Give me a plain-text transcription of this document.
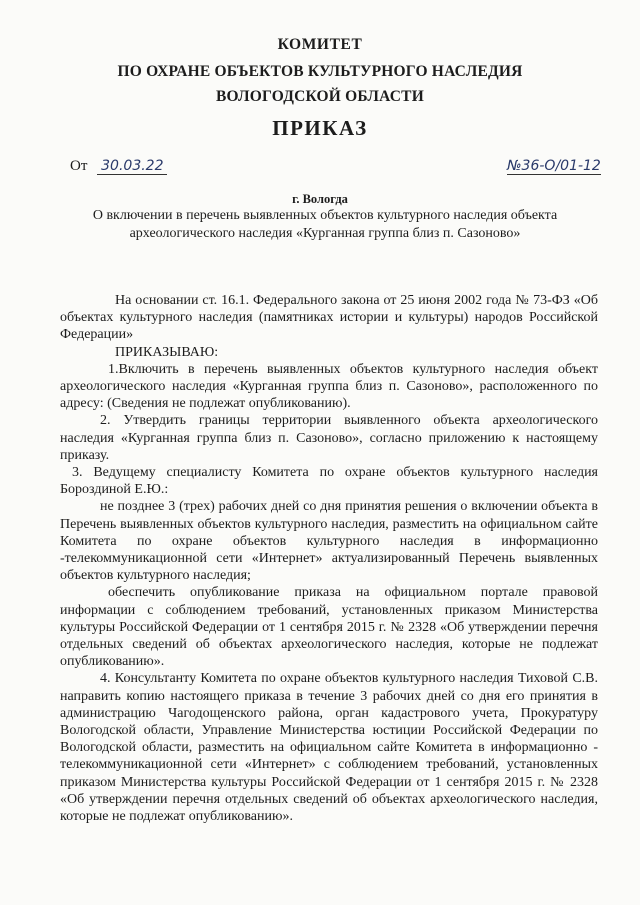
КОМИТЕТ
ПО ОХРАНЕ ОБЪЕКТОВ КУЛЬТУРНОГО НАСЛЕДИЯ
ВОЛОГОДСКОЙ ОБЛАСТИ
ПРИКАЗ
От 30.03.22	№36-О/01-12
г. Вологда
О включении в перечень выявленных объектов культурного наследия объекта археологического наследия «Курганная группа близ п. Сазоново»

На основании ст. 16.1. Федерального закона от 25 июня 2002 года № 73-ФЗ «Об объектах культурного наследия (памятниках истории и культуры) народов Российской Федерации»

ПРИКАЗЫВАЮ:

1.Включить в перечень выявленных объектов культурного наследия объект археологического наследия «Курганная группа близ п. Сазоново», расположенного по адресу: (Сведения не подлежат опубликованию).

2. Утвердить границы территории выявленного объекта археологического наследия «Курганная группа близ п. Сазоново», согласно приложению к настоящему приказу.

3. Ведущему специалисту Комитета по охране объектов культурного наследия Бороздиной Е.Ю.:

не позднее 3 (трех) рабочих дней со дня принятия решения о включении объекта в Перечень выявленных объектов культурного наследия, разместить на официальном сайте Комитета по охране объектов культурного наследия в информационно -телекоммуникационной сети «Интернет» актуализированный Перечень выявленных объектов культурного наследия;

обеспечить опубликование приказа на официальном портале правовой информации с соблюдением требований, установленных приказом Министерства культуры Российской Федерации от 1 сентября 2015 г. № 2328 «Об утверждении перечня отдельных сведений об объектах археологического наследия, которые не подлежат опубликованию».

4. Консультанту Комитета по охране объектов культурного наследия Тиховой С.В. направить копию настоящего приказа в течение 3 рабочих дней со дня его принятия в администрацию Чагодощенского района, орган кадастрового учета, Прокуратуру Вологодской области, Управление Министерства юстиции Российской Федерации по Вологодской области, разместить на официальном сайте Комитета в информационно - телекоммуникационной сети «Интернет» с соблюдением требований, установленных приказом Министерства культуры Российской Федерации от 1 сентября 2015 г. № 2328 «Об утверждении перечня отдельных сведений об объектах археологического наследия, которые не подлежат опубликованию».
